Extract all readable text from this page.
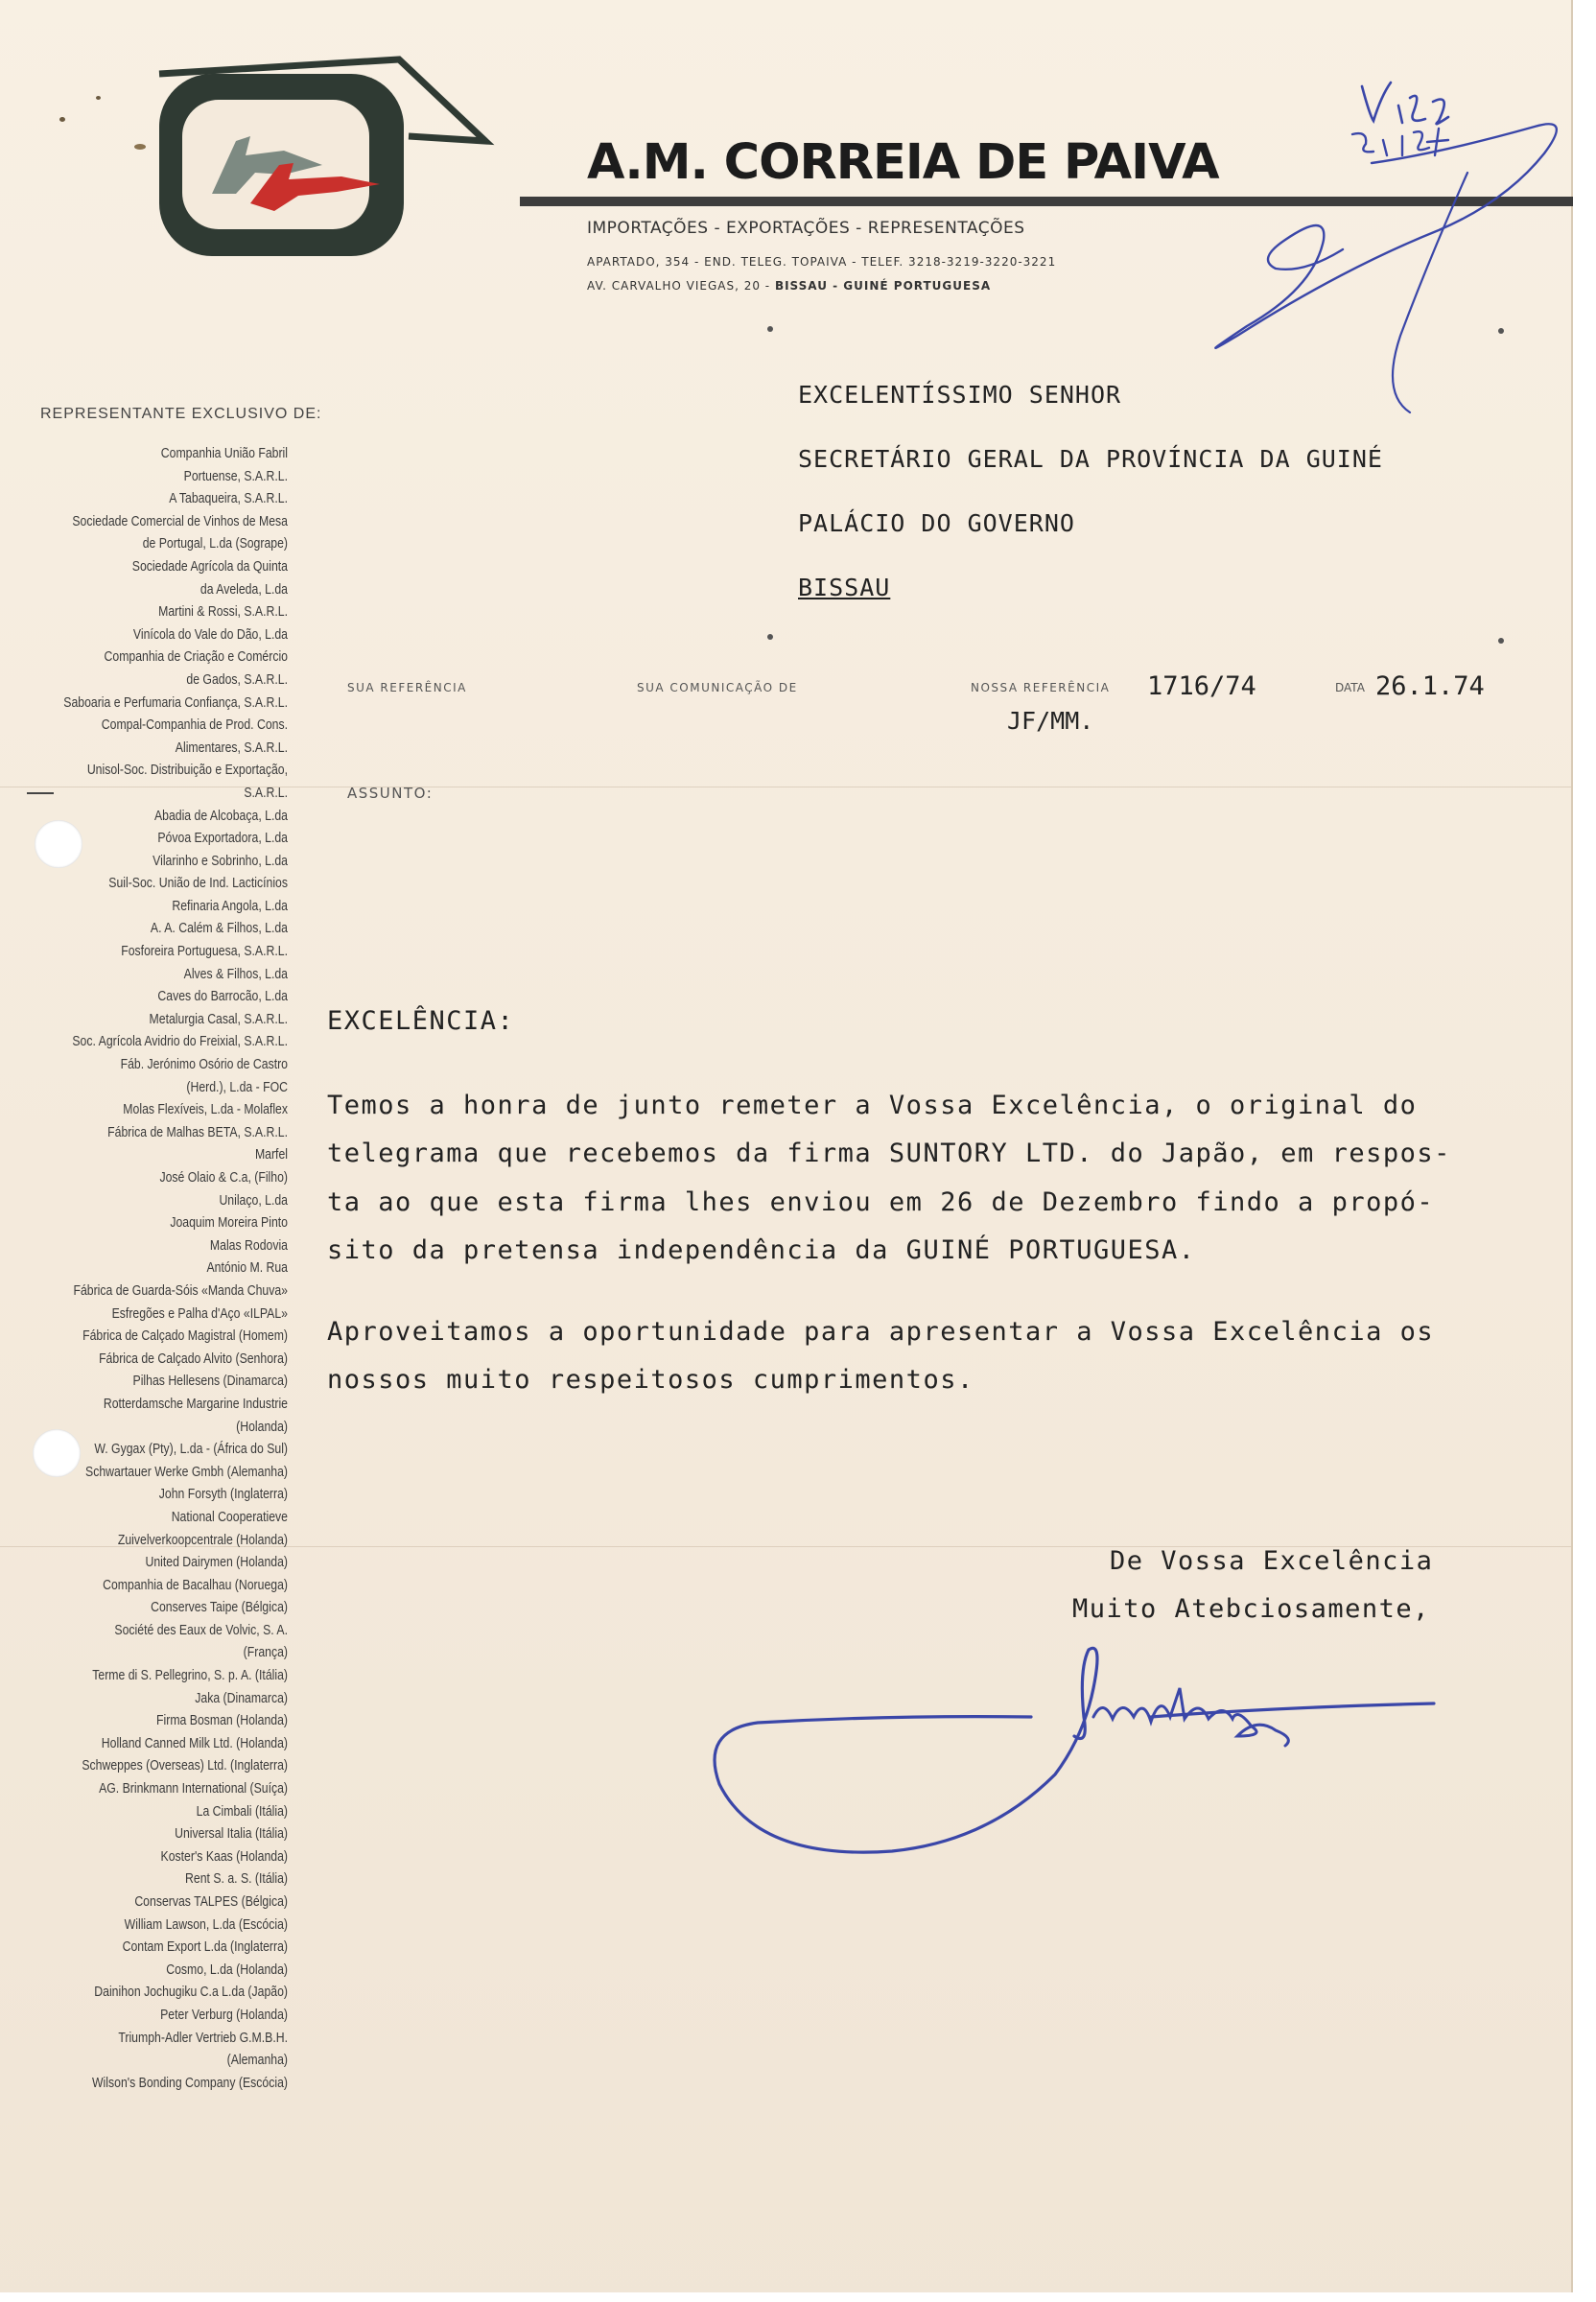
A.M. CORREIA DE PAIVA
IMPORTAÇÕES - EXPORTAÇÕES - REPRESENTAÇÕES
APARTADO, 354 - END. TELEG. TOPAIVA - TELEF. 3218-3219-3220-3221
AV. CARVALHO VIEGAS, 20 - BISSAU - GUINÉ PORTUGUESA
EXCELENTÍSSIMO SENHOR
SECRETÁRIO GERAL DA PROVÍNCIA DA GUINÉ
PALÁCIO DO GOVERNO
BISSAU
SUA REFERÊNCIA	SUA COMUNICAÇÃO DE	NOSSA REFERÊNCIA 1716/74
JF/MM.
DATA 26.1.74
ASSUNTO:
REPRESENTANTE EXCLUSIVO DE:
Companhia União Fabril
Portuense, S.A.R.L.
A Tabaqueira, S.A.R.L.
Sociedade Comercial de Vinhos de Mesa
de Portugal, L.da (Sogrape)
Sociedade Agrícola da Quinta
da Aveleda, L.da
Martini & Rossi, S.A.R.L.
Vinícola do Vale do Dão, L.da
Companhia de Criação e Comércio
de Gados, S.A.R.L.
Saboaria e Perfumaria Confiança, S.A.R.L.
Compal-Companhia de Prod. Cons.
Alimentares, S.A.R.L.
Unisol-Soc. Distribuição e Exportação,
S.A.R.L.
Abadia de Alcobaça, L.da
Póvoa Exportadora, L.da
Vilarinho e Sobrinho, L.da
Suil-Soc. União de Ind. Lacticínios
Refinaria Angola, L.da
A. A. Calém & Filhos, L.da
Fosforeira Portuguesa, S.A.R.L.
Alves & Filhos, L.da
Caves do Barrocão, L.da
Metalurgia Casal, S.A.R.L.
Soc. Agrícola Avidrio do Freixial, S.A.R.L.
Fáb. Jerónimo Osório de Castro
(Herd.), L.da - FOC
Molas Flexíveis, L.da - Molaflex
Fábrica de Malhas BETA, S.A.R.L.
Marfel
José Olaio & C.a, (Filho)
Unilaço, L.da
Joaquim Moreira Pinto
Malas Rodovia
António M. Rua
Fábrica de Guarda-Sóis «Manda Chuva»
Esfregões e Palha d'Aço «ILPAL»
Fábrica de Calçado Magistral (Homem)
Fábrica de Calçado Alvito (Senhora)
Pilhas Hellesens (Dinamarca)
Rotterdamsche Margarine Industrie
(Holanda)
W. Gygax (Pty), L.da - (África do Sul)
Schwartauer Werke Gmbh (Alemanha)
John Forsyth (Inglaterra)
National Cooperatieve
Zuivelverkoopcentrale (Holanda)
United Dairymen (Holanda)
Companhia de Bacalhau (Noruega)
Conserves Taipe (Bélgica)
Société des Eaux de Volvic, S. A.
(França)
Terme di S. Pellegrino, S. p. A. (Itália)
Jaka (Dinamarca)
Firma Bosman (Holanda)
Holland Canned Milk Ltd. (Holanda)
Schweppes (Overseas) Ltd. (Inglaterra)
AG. Brinkmann International (Suíça)
La Cimbali (Itália)
Universal Italia (Itália)
Koster's Kaas (Holanda)
Rent S. a. S. (Itália)
Conservas TALPES (Bélgica)
William Lawson, L.da (Escócia)
Contam Export L.da (Inglaterra)
Cosmo, L.da (Holanda)
Dainihon Jochugiku C.a L.da (Japão)
Peter Verburg (Holanda)
Triumph-Adler Vertrieb G.M.B.H.
(Alemanha)
Wilson's Bonding Company (Escócia)
EXCELÊNCIA:
Temos a honra de junto remeter a Vossa Excelência, o original do
telegrama que recebemos da firma SUNTORY LTD. do Japão, em respos-
ta ao que esta firma lhes enviou em 26 de Dezembro findo a propó-
sito da pretensa independência da GUINÉ PORTUGUESA.
Aproveitamos a oportunidade para apresentar a Vossa Excelência os
nossos muito respeitosos cumprimentos.
De Vossa Excelência
Muito Atebciosamente,
